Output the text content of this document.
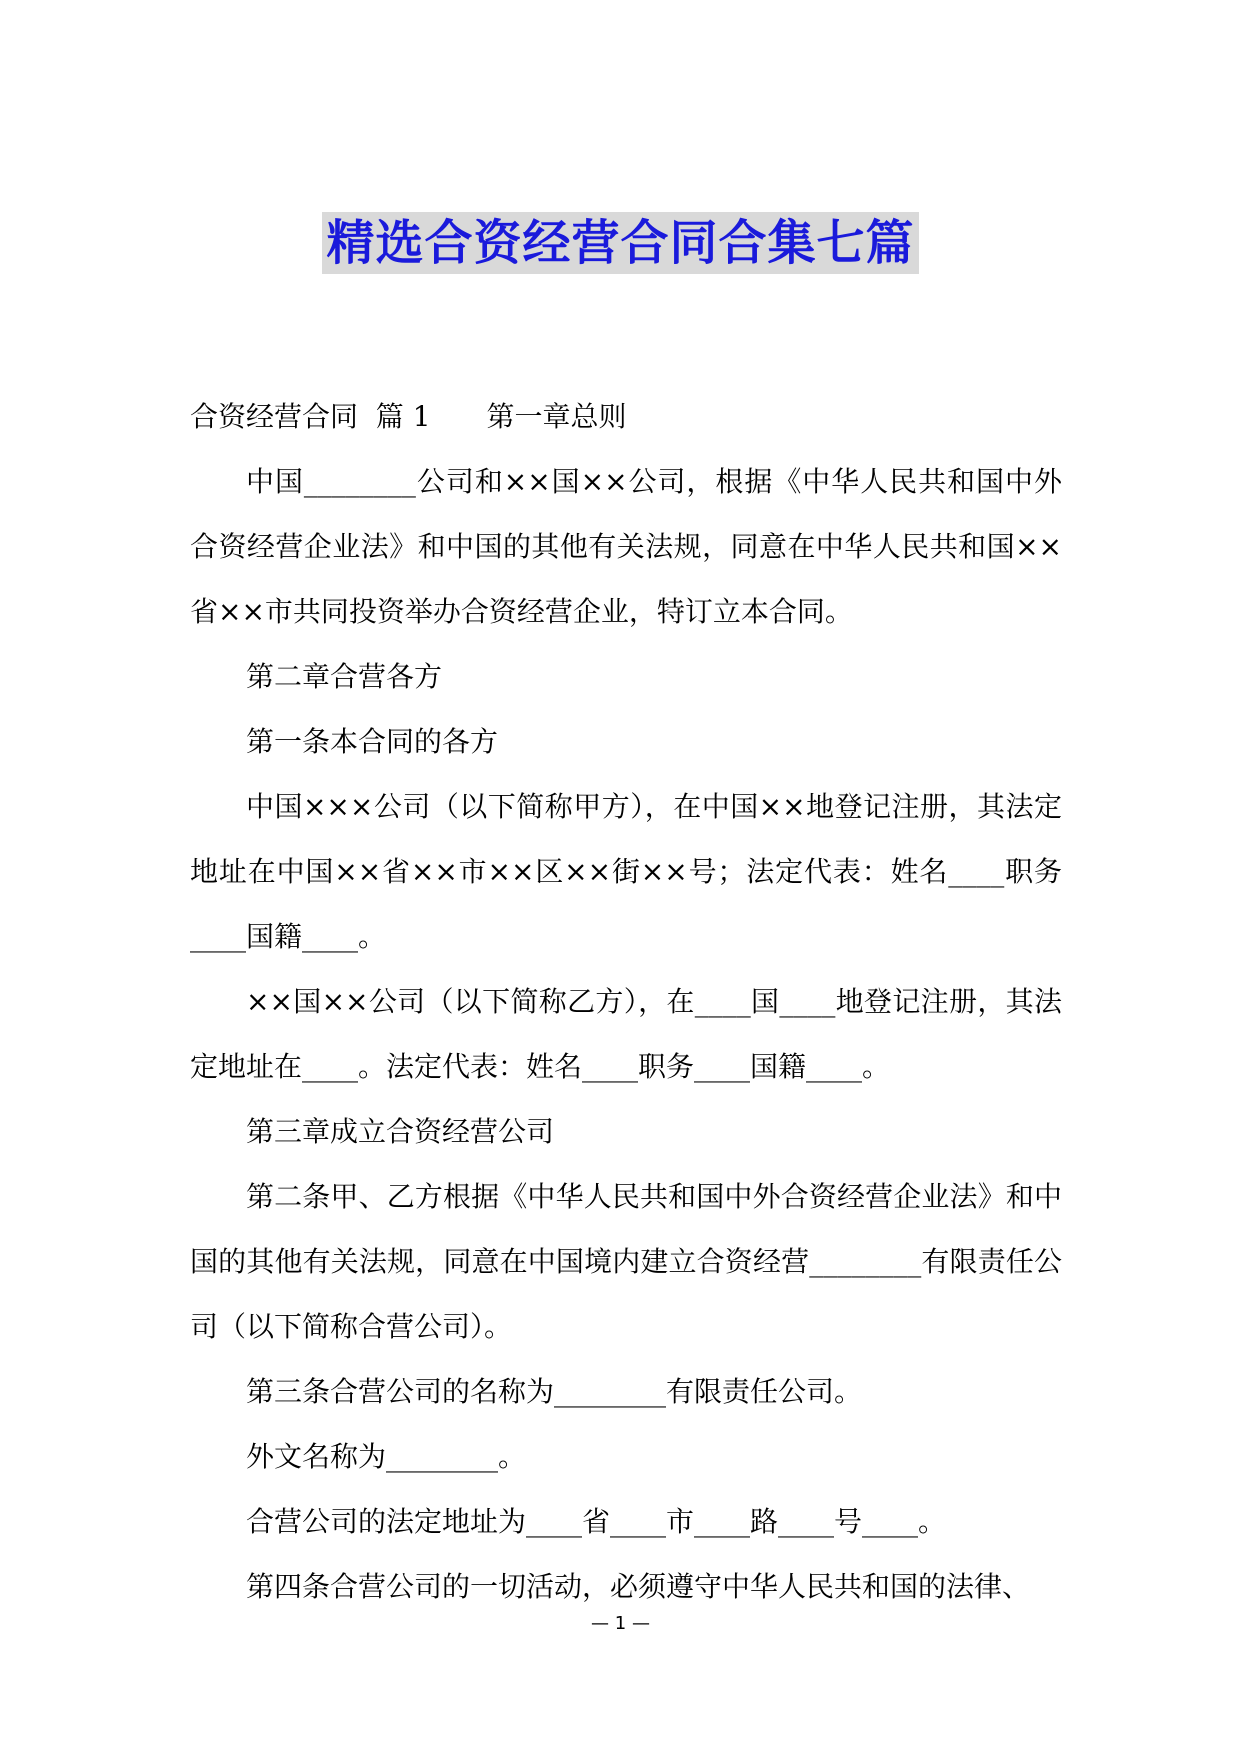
精选合资经营合同合集七篇

合资经营合同  篇 1 第一章总则

中国________公司和××国××公司，根据《中华人民共和国中外合资经营企业法》和中国的其他有关法规，同意在中华人民共和国××省××市共同投资举办合资经营企业，特订立本合同。

第二章合营各方

第一条本合同的各方

中国×××公司（以下简称甲方），在中国××地登记注册，其法定地址在中国××省××市××区××街××号；法定代表：姓名____职务____国籍____。

××国××公司（以下简称乙方），在____国____地登记注册，其法定地址在____。法定代表：姓名____职务____国籍____。

第三章成立合资经营公司

第二条甲、乙方根据《中华人民共和国中外合资经营企业法》和中国的其他有关法规，同意在中国境内建立合资经营________有限责任公司（以下简称合营公司）。

第三条合营公司的名称为________有限责任公司。

外文名称为________。

合营公司的法定地址为____省____市____路____号____。

第四条合营公司的一切活动，必须遵守中华人民共和国的法律、

— 1 —
